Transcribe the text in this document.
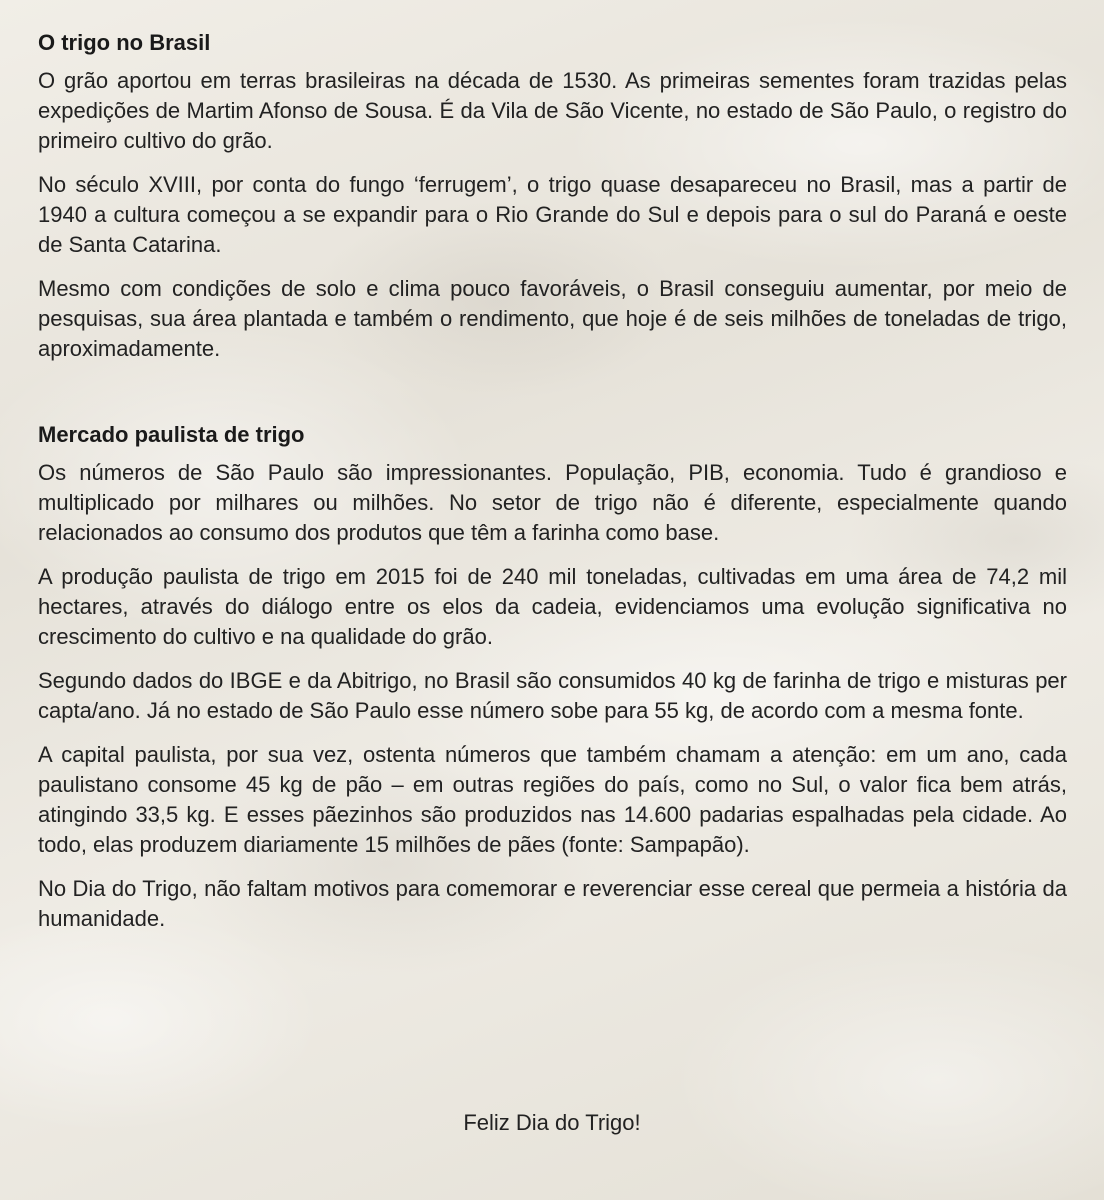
O trigo no Brasil

O grão aportou em terras brasileiras na década de 1530. As primeiras sementes foram trazidas pelas expedições de Martim Afonso de Sousa. É da Vila de São Vicente, no estado de São Paulo, o registro do primeiro cultivo do grão.

No século XVIII, por conta do fungo ‘ferrugem’, o trigo quase desapareceu no Brasil, mas a partir de 1940 a cultura começou a se expandir para o Rio Grande do Sul e depois para o sul do Paraná e oeste de Santa Catarina.

Mesmo com condições de solo e clima pouco favoráveis, o Brasil conseguiu aumentar, por meio de pesquisas, sua área plantada e também o rendimento, que hoje é de seis milhões de toneladas de trigo, aproximadamente.

Mercado paulista de trigo

Os números de São Paulo são impressionantes. População, PIB, economia. Tudo é grandioso e multiplicado por milhares ou milhões. No setor de trigo não é diferente, especialmente quando relacionados ao consumo dos produtos que têm a farinha como base.

A produção paulista de trigo em 2015 foi de 240 mil toneladas, cultivadas em uma área de 74,2 mil hectares, através do diálogo entre os elos da cadeia, evidenciamos uma evolução significativa no crescimento do cultivo e na qualidade do grão.

Segundo dados do IBGE e da Abitrigo, no Brasil são consumidos 40 kg de farinha de trigo e misturas per capta/ano. Já no estado de São Paulo esse número sobe para 55 kg, de acordo com a mesma fonte.

A capital paulista, por sua vez, ostenta números que também chamam a atenção: em um ano, cada paulistano consome 45 kg de pão – em outras regiões do país, como no Sul, o valor fica bem atrás, atingindo 33,5 kg. E esses pãezinhos são produzidos nas 14.600 padarias espalhadas pela cidade. Ao todo, elas produzem diariamente 15 milhões de pães (fonte: Sampapão).

No Dia do Trigo, não faltam motivos para comemorar e reverenciar esse cereal que permeia a história da humanidade.

Feliz Dia do Trigo!
